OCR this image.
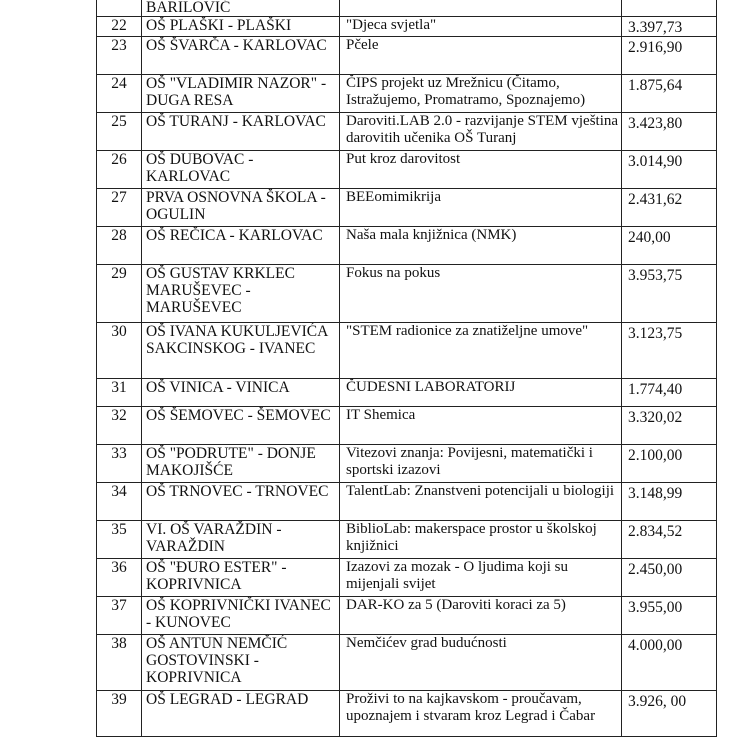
	BARILOVIĆ		
22	OŠ PLAŠKI - PLAŠKI	"Djeca svjetla"	3.397,73
23	OŠ ŠVARČA - KARLOVAC	Pčele	2.916,90
24	OŠ "VLADIMIR NAZOR" - DUGA RESA	ČIPS projekt uz Mrežnicu (Čitamo, Istražujemo, Promatramo, Spoznajemo)	1.875,64
25	OŠ TURANJ - KARLOVAC	Daroviti.LAB 2.0 - razvijanje STEM vještina darovitih učenika OŠ Turanj	3.423,80
26	OŠ DUBOVAC - KARLOVAC	Put kroz darovitost	3.014,90
27	PRVA OSNOVNA ŠKOLA - OGULIN	BEEomimikrija	2.431,62
28	OŠ REČICA - KARLOVAC	Naša mala knjižnica (NMK)	240,00
29	OŠ GUSTAV KRKLEC MARUŠEVEC - MARUŠEVEC	Fokus na pokus	3.953,75
30	OŠ IVANA KUKULJEVIĆA SAKCINSKOG - IVANEC	"STEM radionice za znatiželjne umove"	3.123,75
31	OŠ VINICA - VINICA	ČUDESNI LABORATORIJ	1.774,40
32	OŠ ŠEMOVEC - ŠEMOVEC	IT Shemica	3.320,02
33	OŠ "PODRUTE" - DONJE MAKOJIŠĆE	Vitezovi znanja: Povijesni, matematički i sportski izazovi	2.100,00
34	OŠ TRNOVEC - TRNOVEC	TalentLab: Znanstveni potencijali u biologiji	3.148,99
35	VI. OŠ VARAŽDIN - VARAŽDIN	BiblioLab: makerspace prostor u školskoj knjižnici	2.834,52
36	OŠ "ĐURO ESTER" - KOPRIVNICA	Izazovi za mozak - O ljudima koji su mijenjali svijet	2.450,00
37	OŠ KOPRIVNIČKI IVANEC - KUNOVEC	DAR-KO za 5 (Daroviti koraci za 5)	3.955,00
38	OŠ ANTUN NEMČIĆ GOSTOVINSKI - KOPRIVNICA	Nemčićev grad budućnosti	4.000,00
39	OŠ LEGRAD - LEGRAD	Proživi to na kajkavskom - proučavam, upoznajem i stvaram kroz Legrad i Čabar	3.926, 00
